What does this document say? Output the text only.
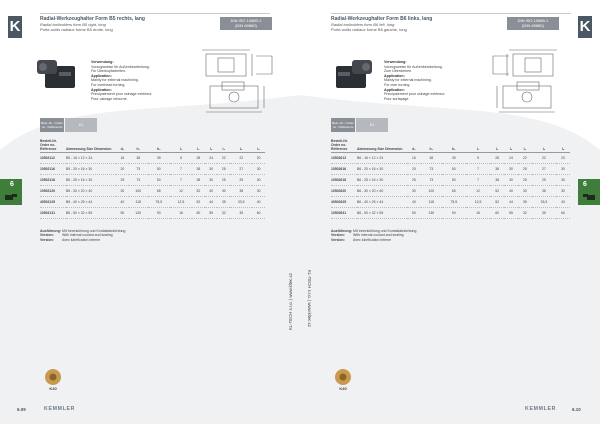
K	Radial-Werkzeughalter Form B5 rechts, lang
Radial toolholders form B5 right, long
Porte-outils radiaux forme B5 droite, long
DIN ISO 10889-1
(DIN 69880)
Verwendung:
Vorzugsweise für Außenbearbeitung.
Für Überkopfarbeiten.
Application:
Mainly for external machining.
For overhead turning.
Application:
Principalement pour usinage extérieur.
Pour usinage retourné.
Best.-Nr. / Order no. / Référence	K1
Bestell-Nr. Order no. Référence	Abmessung Size Dimension	d₁	h₁	h₂	l₁	l₂	l₃	l₄	l₅	l₆
10502112	B5 - 16 × 12 × 24	16	38	39	5	28	24	22	22	20
10502116	B5 - 20 × 16 × 30	20	73	50	7	38	30	25	27	30
10502118	B5 - 25 × 16 × 30	25	73	50	7	38	30	25	25	30
10502120	B5 - 30 × 20 × 40	30	100	65	12	52	40	30	38	30
40502125	B5 - 40 × 25 × 44	40	118	75,5	12,5	52	44	35	33,5	40
10502131	B5 - 50 × 32 × 55	50	130	90	16	60	55	32	35	60
Ausführung:Mit Innenkühlung und Kontaktabdichtung
Version: With internal coolant and sealing
Version: Avec lubrification interne
6
K40
6.09	KEMMLER
KL-TECH s.r.o. | www.kltec.cz
K
Radial-Werkzeughalter Form B6 links, lang
Radial toolholders form B6 left, long
Porte-outils radiaux forme B6 gauche, long
DIN ISO 10889-1
(DIN 69880)
Verwendung:
Vorzugsweise für Außenbearbeitung.
Zum Überdrehen.
Application:
Mainly for external machining.
For over turning.
Application:
Principalement pour usinage extérieur.
Pour surfaçage.
Best.-Nr. / Order no. / Référence	K1
Bestell-Nr. Order no. Référence	Abmessung Size Dimension	d₁	h₁	h₂	l₁	l₂	l₃	l₄	l₅	l₆
10502612	B6 - 16 × 12 × 24	16	38	39	5	28	24	22	22	20
10502616	B6 - 20 × 16 × 30	20	73	50	7	38	30	25	27	30
10502618	B6 - 25 × 16 × 30	25	73	50	7	38	30	25	25	30
10502620	B6 - 30 × 20 × 40	30	100	65	12	52	40	30	38	30
40502625	B6 - 40 × 25 × 44	40	118	75,5	12,5	52	44	35	33,5	40
10502631	B6 - 50 × 32 × 55	50	130	90	16	60	55	32	35	60
Ausführung:Mit Innenkühlung und Kontaktabdichtung
Version: With internal coolant and sealing
Version: Avec lubrification interne
6
K40
KEMMLER	6.10
KL-TECH s.r.o. | www.kltec.cz
